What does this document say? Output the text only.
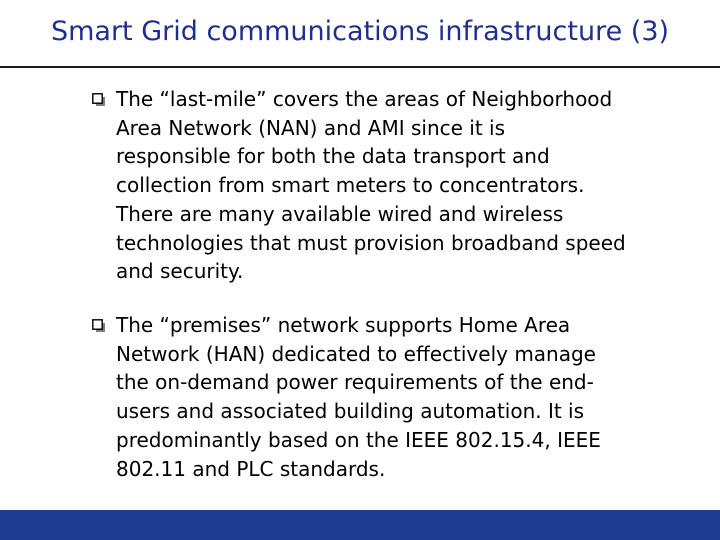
Smart Grid communications infrastructure (3)
The “last-mile” covers the areas of Neighborhood
Area Network (NAN) and AMI since it is
responsible for both the data transport and
collection from smart meters to concentrators.
There are many available wired and wireless
technologies that must provision broadband speed
and security.
The “premises” network supports Home Area
Network (HAN) dedicated to effectively manage
the on-demand power requirements of the end-
users and associated building automation. It is
predominantly based on the IEEE 802.15.4, IEEE
802.11 and PLC standards.
